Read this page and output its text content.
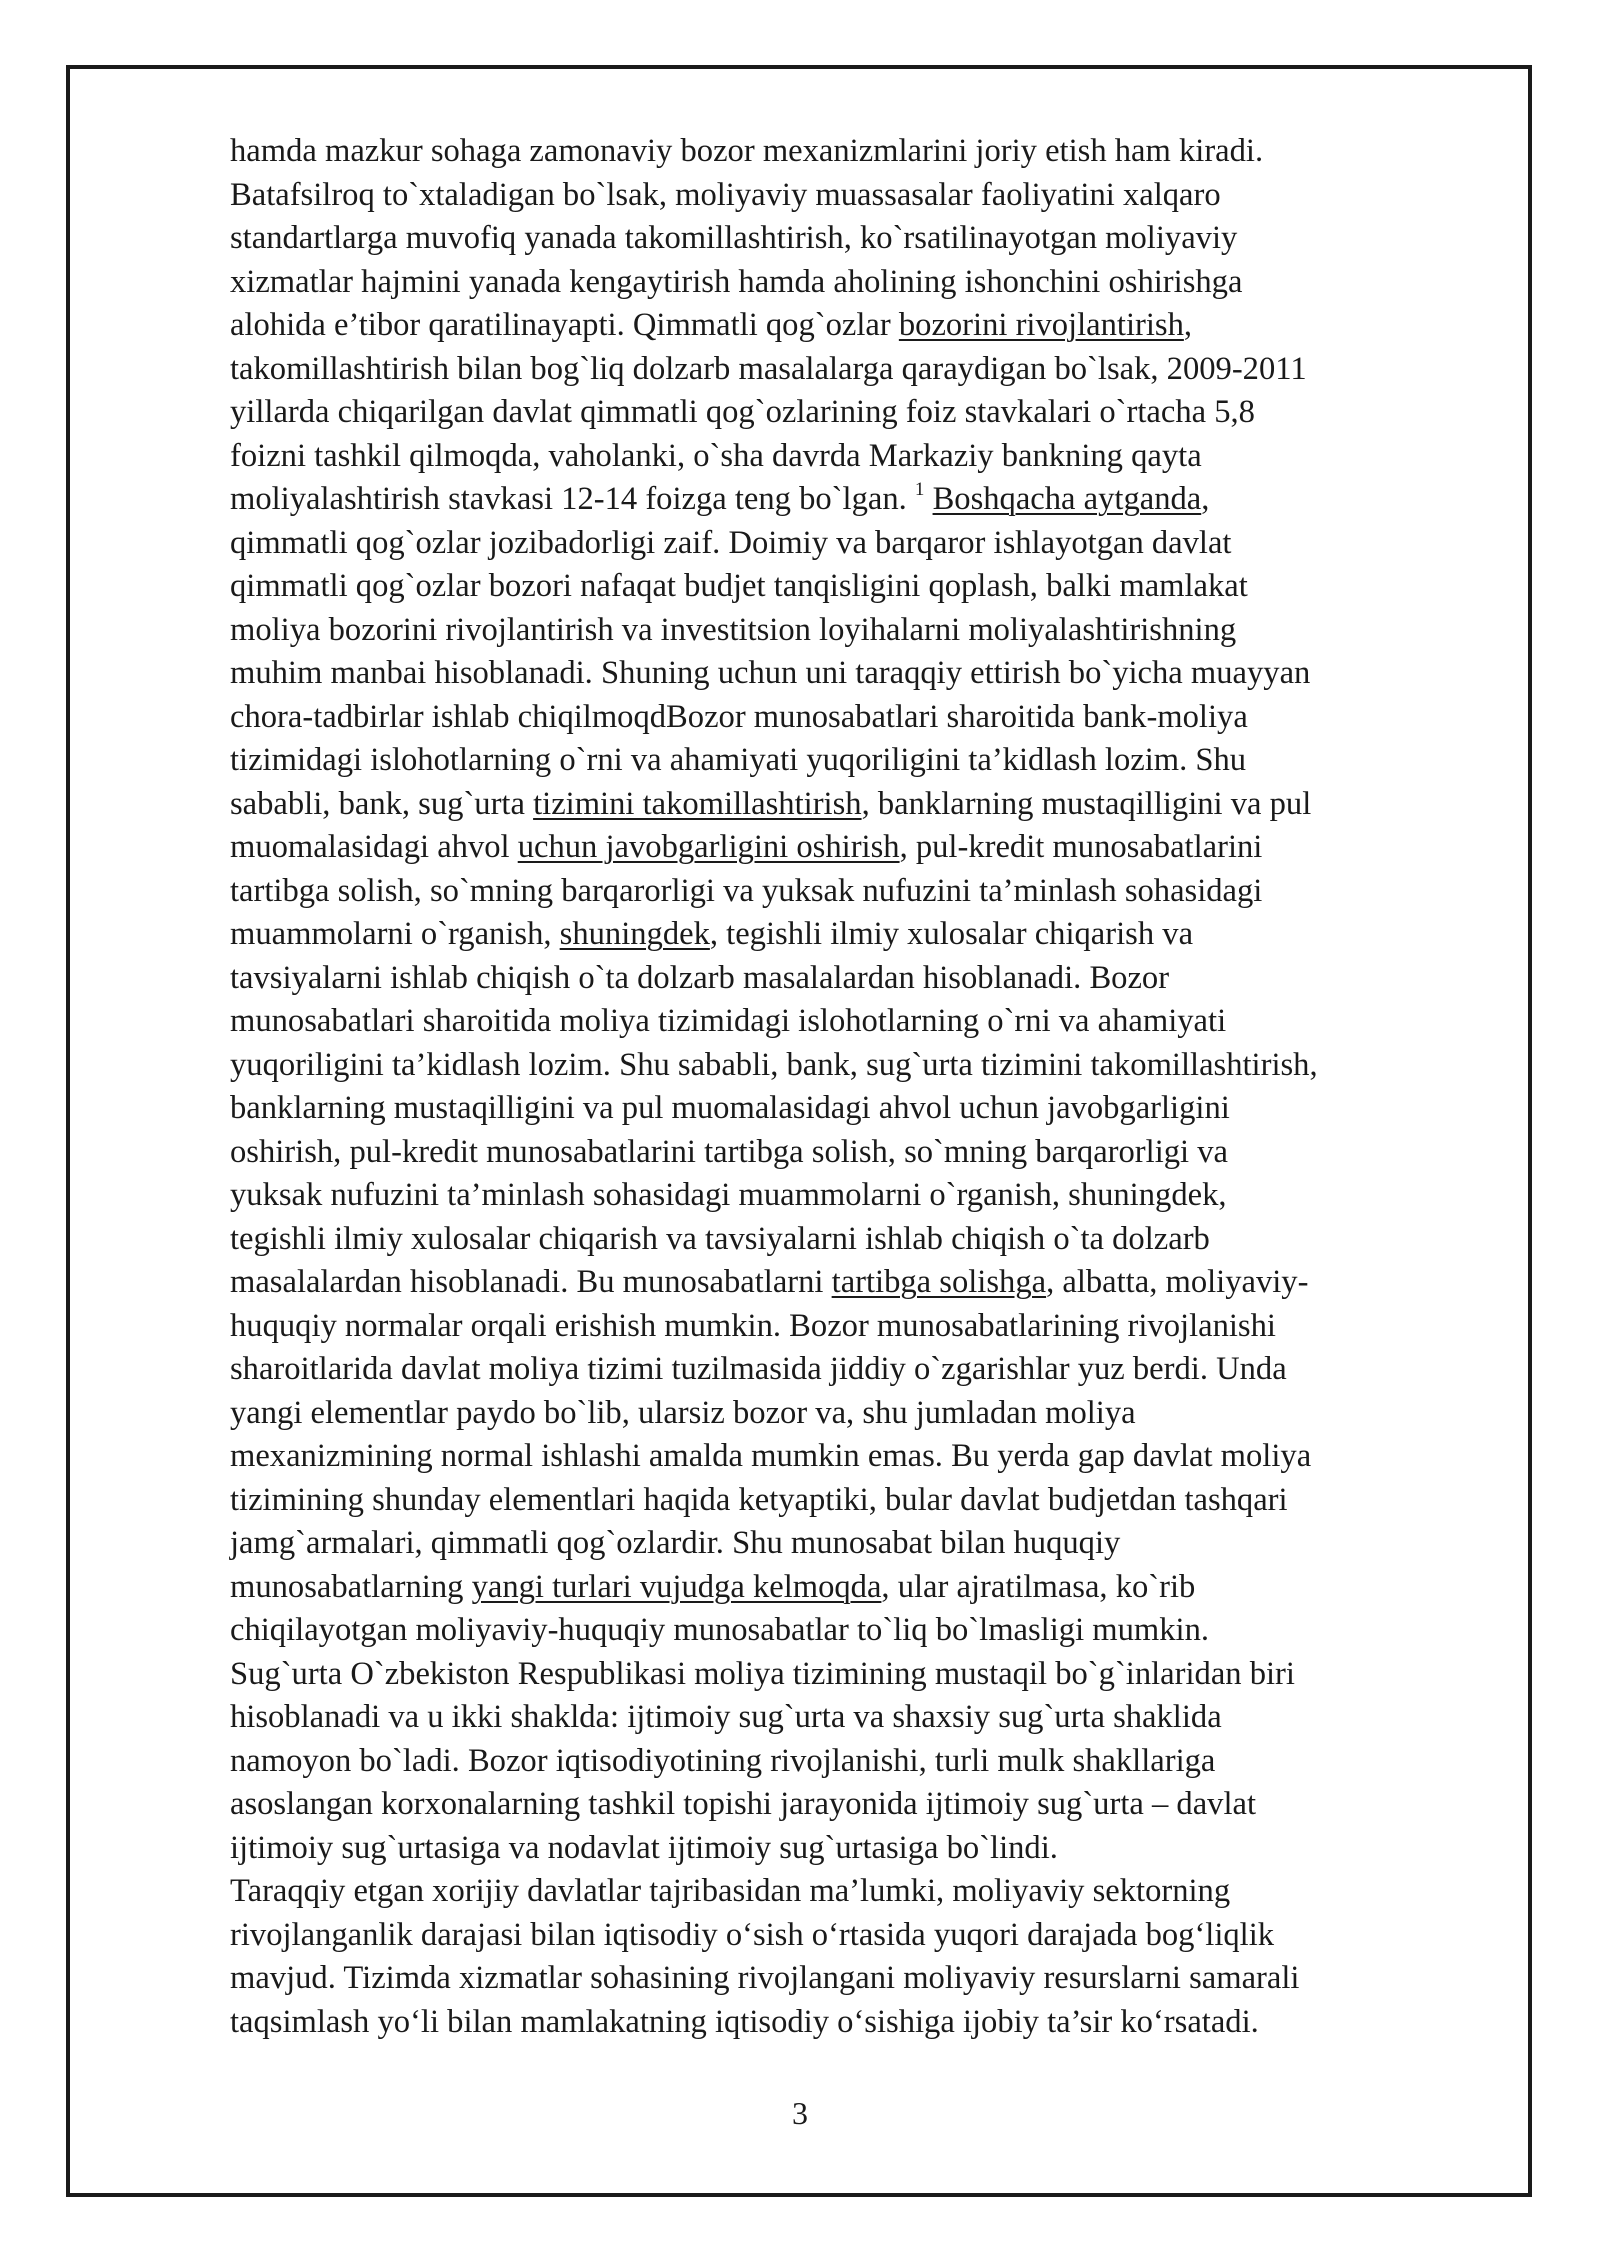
hamda mazkur sohaga zamonaviy bozor mexanizmlarini joriy etish ham kiradi.
Batafsilroq to`xtaladigan bo`lsak, moliyaviy muassasalar faoliyatini xalqaro
standartlarga muvofiq yanada takomillashtirish, ko`rsatilinayotgan moliyaviy
xizmatlar hajmini yanada kengaytirish hamda aholining ishonchini oshirishga
alohida e’tibor qaratilinayapti. Qimmatli qog`ozlar bozorini rivojlantirish,
takomillashtirish bilan bog`liq dolzarb masalalarga qaraydigan bo`lsak, 2009-2011
yillarda chiqarilgan davlat qimmatli qog`ozlarining foiz stavkalari o`rtacha 5,8
foizni tashkil qilmoqda, vaholanki, o`sha davrda Markaziy bankning qayta
moliyalashtirish stavkasi 12-14 foizga teng bo`lgan. $^1$ Boshqacha aytganda,
qimmatli qog`ozlar jozibadorligi zaif. Doimiy va barqaror ishlayotgan davlat
qimmatli qog`ozlar bozori nafaqat budjet tanqisligini qoplash, balki mamlakat
moliya bozorini rivojlantirish va investitsion loyihalarni moliyalashtirishning
muhim manbai hisoblanadi. Shuning uchun uni taraqqiy ettirish bo`yicha muayyan
chora-tadbirlar ishlab chiqilmoqdBozor munosabatlari sharoitida bank-moliya
tizimidagi islohotlarning o`rni va ahamiyati yuqoriligini ta’kidlash lozim. Shu
sababli, bank, sug`urta tizimini takomillashtirish, banklarning mustaqilligini va pul
muomalasidagi ahvol uchun javobgarligini oshirish, pul-kredit munosabatlarini
tartibga solish, so`mning barqarorligi va yuksak nufuzini ta’minlash sohasidagi
muammolarni o`rganish, shuningdek, tegishli ilmiy xulosalar chiqarish va
tavsiyalarni ishlab chiqish o`ta dolzarb masalalardan hisoblanadi. Bozor
munosabatlari sharoitida moliya tizimidagi islohotlarning o`rni va ahamiyati
yuqoriligini ta’kidlash lozim. Shu sababli, bank, sug`urta tizimini takomillashtirish,
banklarning mustaqilligini va pul muomalasidagi ahvol uchun javobgarligini
oshirish, pul-kredit munosabatlarini tartibga solish, so`mning barqarorligi va
yuksak nufuzini ta’minlash sohasidagi muammolarni o`rganish, shuningdek,
tegishli ilmiy xulosalar chiqarish va tavsiyalarni ishlab chiqish o`ta dolzarb
masalalardan hisoblanadi. Bu munosabatlarni tartibga solishga, albatta, moliyaviy-
huquqiy normalar orqali erishish mumkin. Bozor munosabatlarining rivojlanishi
sharoitlarida davlat moliya tizimi tuzilmasida jiddiy o`zgarishlar yuz berdi. Unda
yangi elementlar paydo bo`lib, ularsiz bozor va, shu jumladan moliya
mexanizmining normal ishlashi amalda mumkin emas. Bu yerda gap davlat moliya
tizimining shunday elementlari haqida ketyaptiki, bular davlat budjetdan tashqari
jamg`armalari, qimmatli qog`ozlardir. Shu munosabat bilan huquqiy
munosabatlarning yangi turlari vujudga kelmoqda, ular ajratilmasa, ko`rib
chiqilayotgan moliyaviy-huquqiy munosabatlar to`liq bo`lmasligi mumkin.
Sug`urta O`zbekiston Respublikasi moliya tizimining mustaqil bo`g`inlaridan biri
hisoblanadi va u ikki shaklda: ijtimoiy sug`urta va shaxsiy sug`urta shaklida
namoyon bo`ladi. Bozor iqtisodiyotining rivojlanishi, turli mulk shakllariga
asoslangan korxonalarning tashkil topishi jarayonida ijtimoiy sug`urta – davlat
ijtimoiy sug`urtasiga va nodavlat ijtimoiy sug`urtasiga bo`lindi.
Taraqqiy etgan xorijiy davlatlar tajribasidan ma’lumki, moliyaviy sektorning
rivojlanganlik darajasi bilan iqtisodiy o‘sish o‘rtasida yuqori darajada bog‘liqlik
mavjud. Tizimda xizmatlar sohasining rivojlangani moliyaviy resurslarni samarali
taqsimlash yo‘li bilan mamlakatning iqtisodiy o‘sishiga ijobiy ta’sir ko‘rsatadi.
3
